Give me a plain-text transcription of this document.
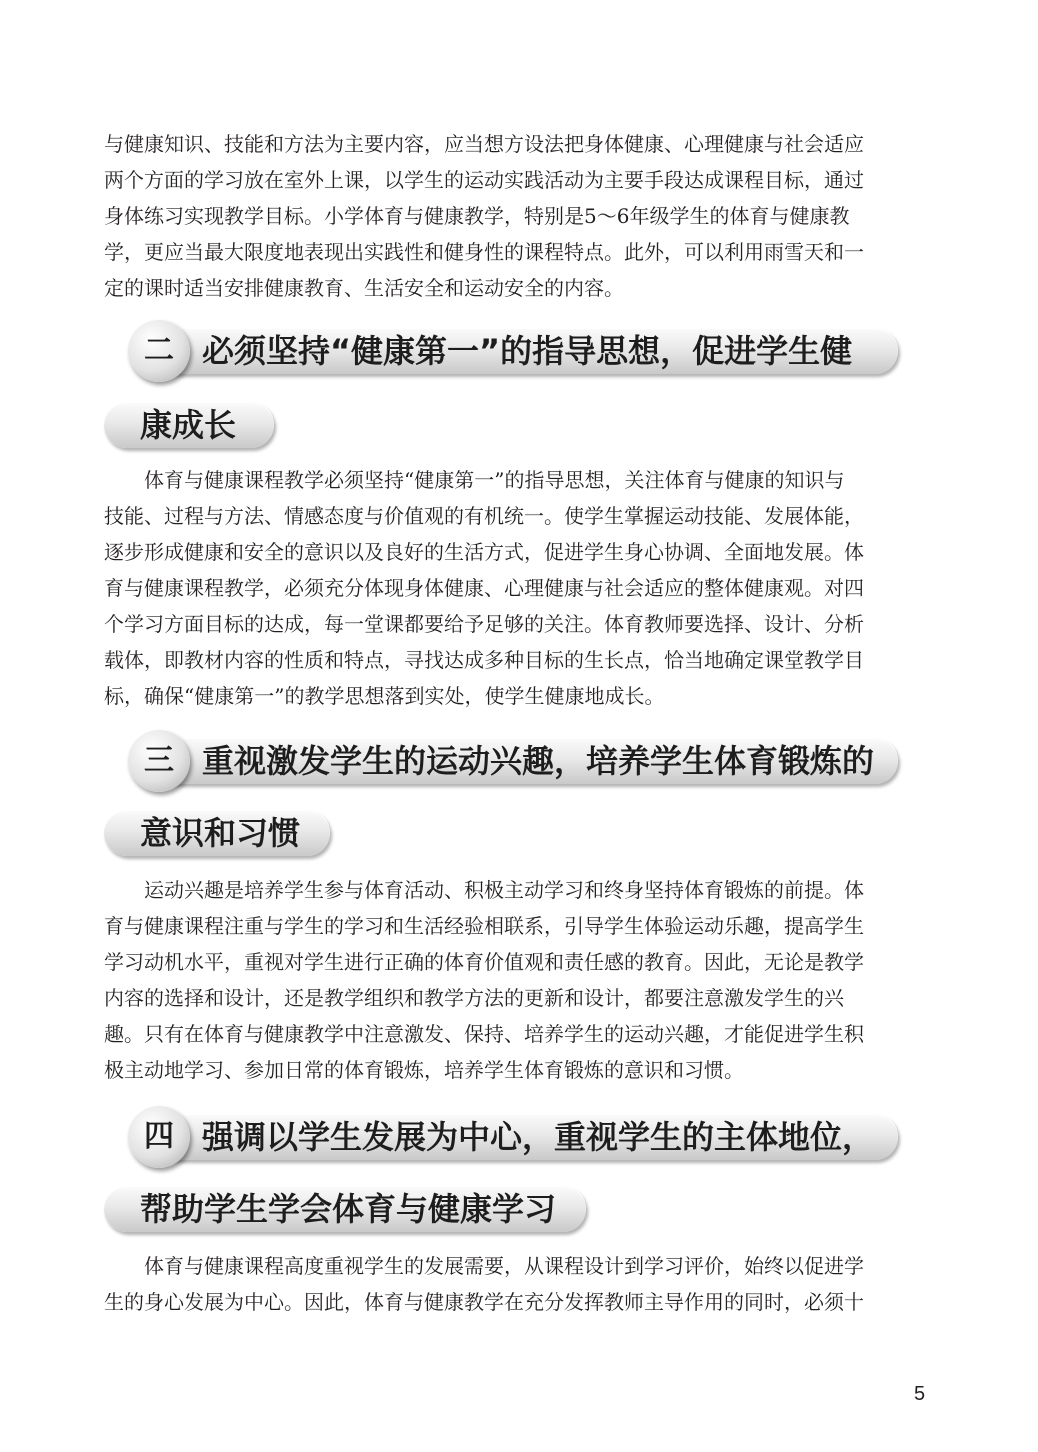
与健康知识、技能和方法为主要内容，应当想方设法把身体健康、心理健康与社会适应
两个方面的学习放在室外上课，以学生的运动实践活动为主要手段达成课程目标，通过
身体练习实现教学目标。小学体育与健康教学，特别是5～6年级学生的体育与健康教
学，更应当最大限度地表现出实践性和健身性的课程特点。此外，可以利用雨雪天和一
定的课时适当安排健康教育、生活安全和运动安全的内容。
二 必须坚持“健康第一”的指导思想，促进学生健
康成长
体育与健康课程教学必须坚持“健康第一”的指导思想，关注体育与健康的知识与
技能、过程与方法、情感态度与价值观的有机统一。使学生掌握运动技能、发展体能，
逐步形成健康和安全的意识以及良好的生活方式，促进学生身心协调、全面地发展。体
育与健康课程教学，必须充分体现身体健康、心理健康与社会适应的整体健康观。对四
个学习方面目标的达成，每一堂课都要给予足够的关注。体育教师要选择、设计、分析
载体，即教材内容的性质和特点，寻找达成多种目标的生长点，恰当地确定课堂教学目
标，确保“健康第一”的教学思想落到实处，使学生健康地成长。
三 重视激发学生的运动兴趣，培养学生体育锻炼的
意识和习惯
运动兴趣是培养学生参与体育活动、积极主动学习和终身坚持体育锻炼的前提。体
育与健康课程注重与学生的学习和生活经验相联系，引导学生体验运动乐趣，提高学生
学习动机水平，重视对学生进行正确的体育价值观和责任感的教育。因此，无论是教学
内容的选择和设计，还是教学组织和教学方法的更新和设计，都要注意激发学生的兴
趣。只有在体育与健康教学中注意激发、保持、培养学生的运动兴趣，才能促进学生积
极主动地学习、参加日常的体育锻炼，培养学生体育锻炼的意识和习惯。
四 强调以学生发展为中心，重视学生的主体地位，
帮助学生学会体育与健康学习
体育与健康课程高度重视学生的发展需要，从课程设计到学习评价，始终以促进学
生的身心发展为中心。因此，体育与健康教学在充分发挥教师主导作用的同时，必须十
5
